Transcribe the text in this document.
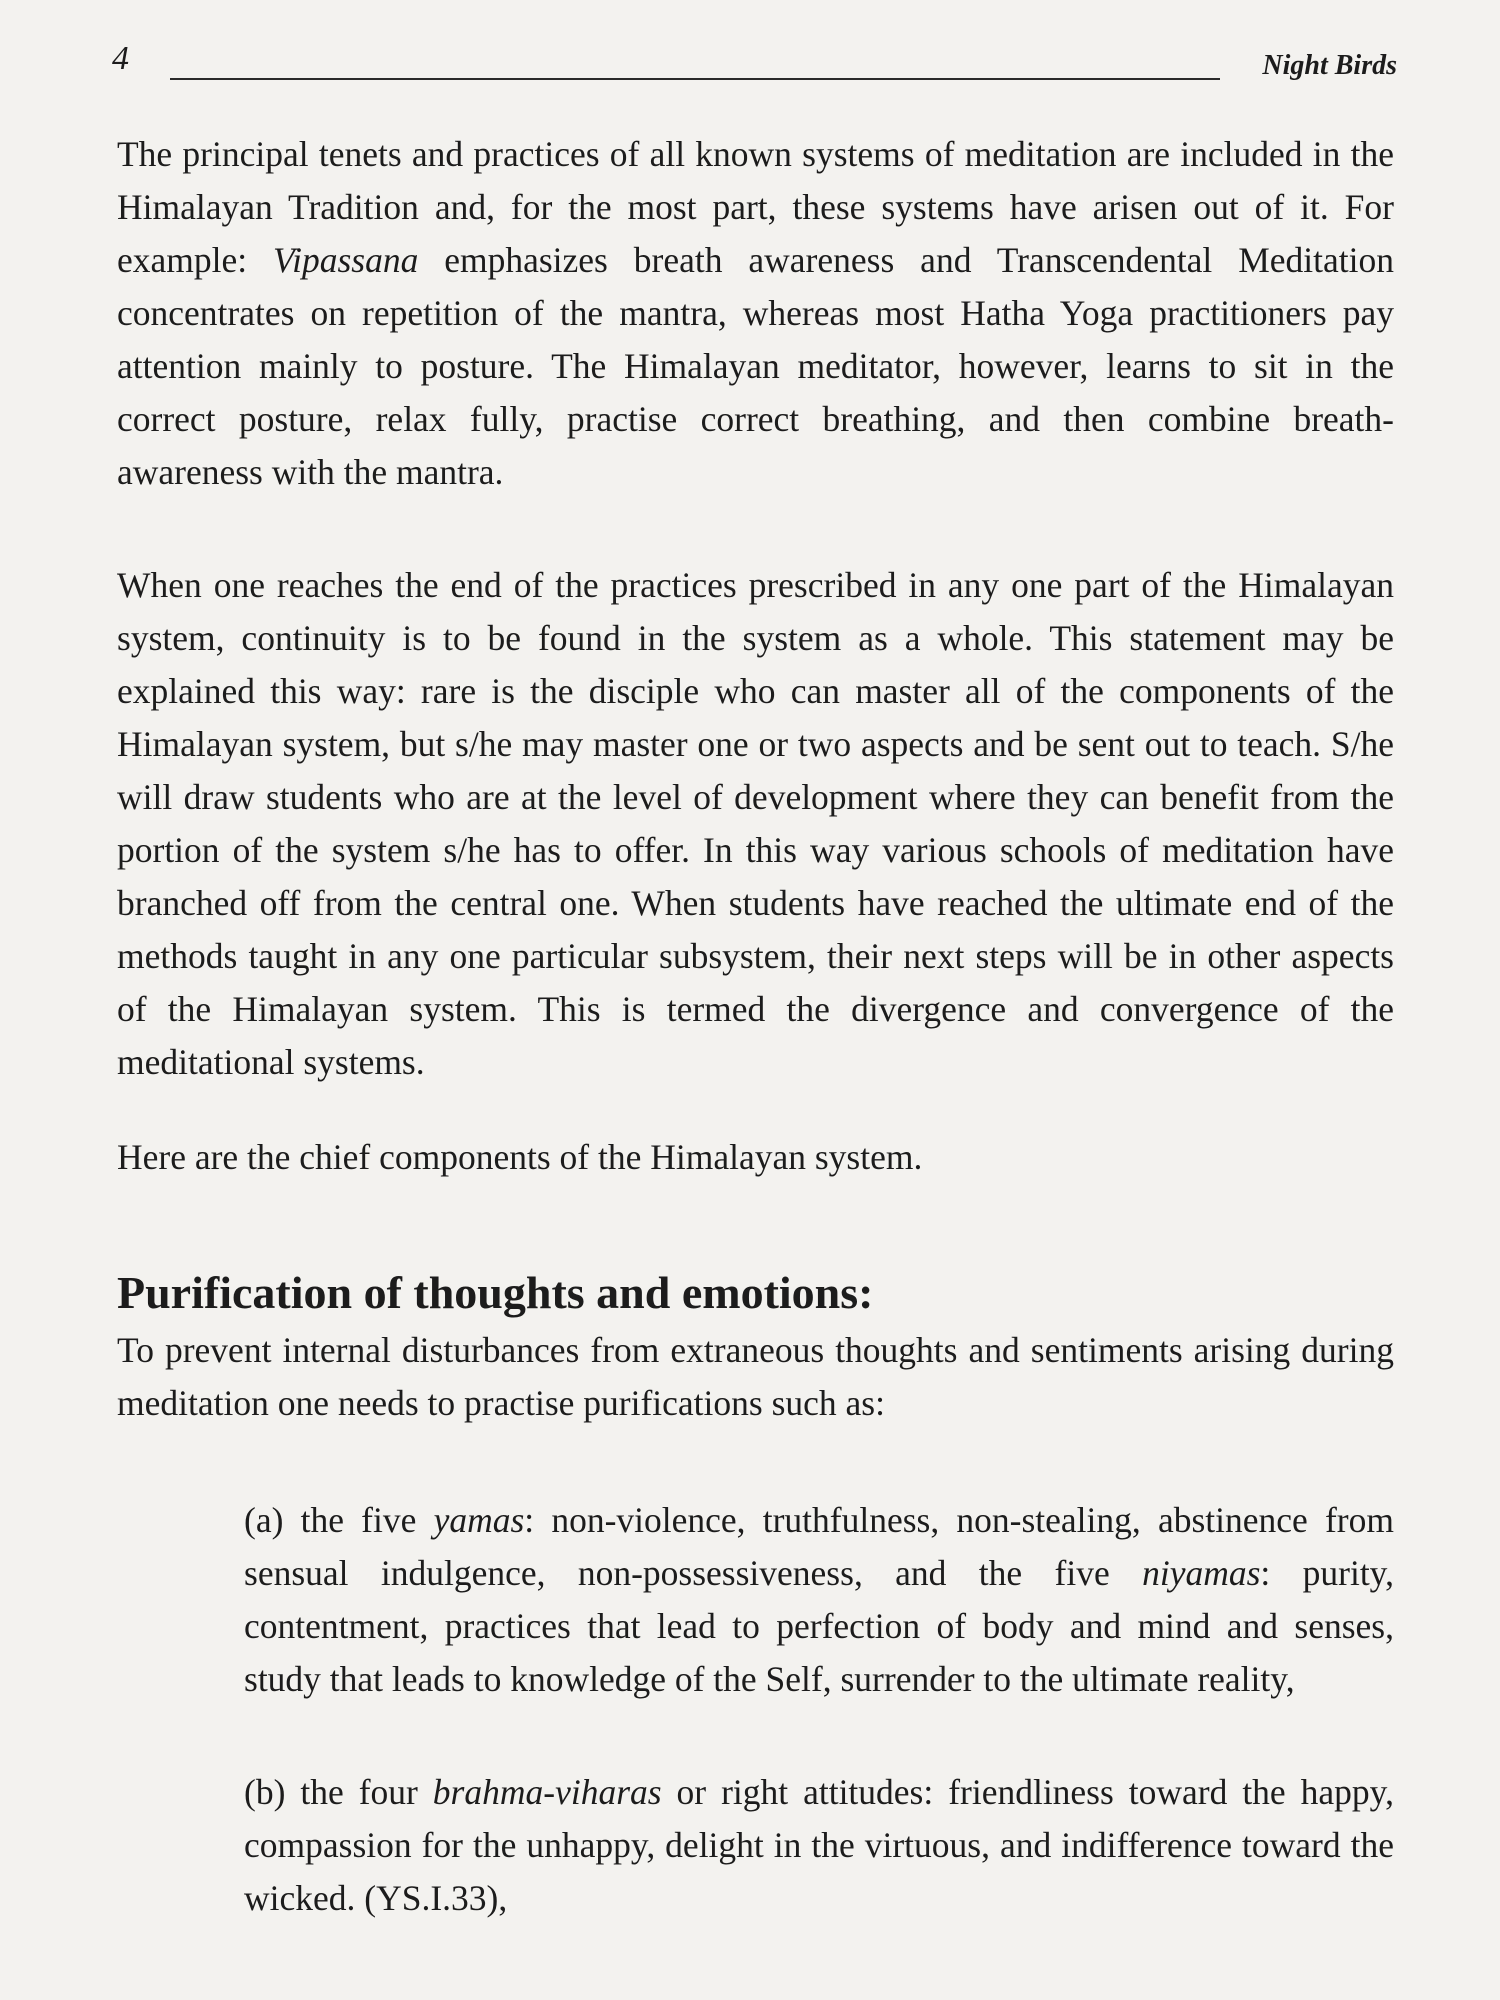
4	Night Birds

The principal tenets and practices of all known systems of meditation are included in the Himalayan Tradition and, for the most part, these systems have arisen out of it. For example: Vipassana emphasizes breath awareness and Transcendental Meditation concentrates on repetition of the mantra, whereas most Hatha Yoga practitioners pay attention mainly to posture. The Himalayan meditator, however, learns to sit in the correct posture, relax fully, practise correct breathing, and then combine breath-awareness with the mantra.

When one reaches the end of the practices prescribed in any one part of the Himalayan system, continuity is to be found in the system as a whole. This statement may be explained this way: rare is the disciple who can master all of the components of the Himalayan system, but s/he may master one or two aspects and be sent out to teach. S/he will draw students who are at the level of development where they can benefit from the portion of the system s/he has to offer. In this way various schools of meditation have branched off from the central one. When students have reached the ultimate end of the methods taught in any one particular subsystem, their next steps will be in other aspects of the Himalayan system. This is termed the divergence and convergence of the meditational systems.

Here are the chief components of the Himalayan system.

Purification of thoughts and emotions:

To prevent internal disturbances from extraneous thoughts and sentiments arising during meditation one needs to practise purifications such as:

(a) the five yamas: non-violence, truthfulness, non-stealing, abstinence from sensual indulgence, non-possessiveness, and the five niyamas: purity, contentment, practices that lead to perfection of body and mind and senses, study that leads to knowledge of the Self, surrender to the ultimate reality,

(b) the four brahma-viharas or right attitudes: friendliness toward the happy, compassion for the unhappy, delight in the virtuous, and indifference toward the wicked. (YS.I.33),
